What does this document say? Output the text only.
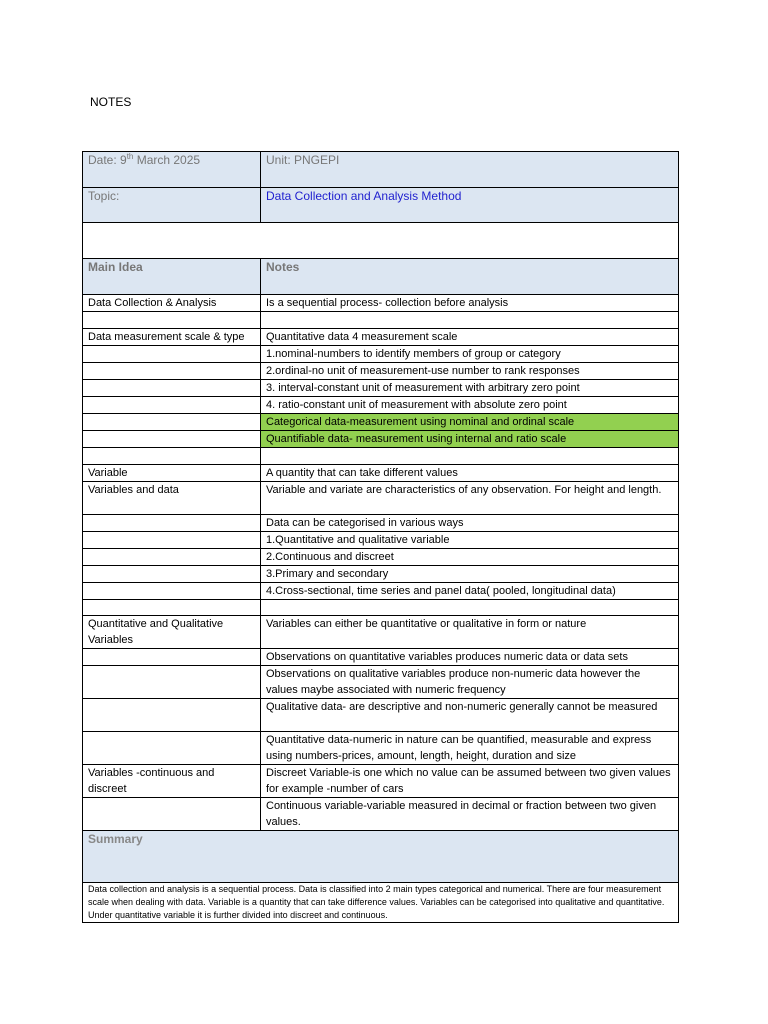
NOTES
Date: 9th March 2025	Unit: PNGEPI
Topic:	Data Collection and Analysis Method

Main Idea	Notes
Data Collection & Analysis	Is a sequential process- collection before analysis

Data measurement scale & type	Quantitative data 4 measurement scale
	1.nominal-numbers to identify members of group or category
	2.ordinal-no unit of measurement-use number to rank responses
	3. interval-constant unit of measurement with arbitrary zero point
	4. ratio-constant unit of measurement with absolute zero point
	Categorical data-measurement using nominal and ordinal scale
	Quantifiable data- measurement using internal and ratio scale

Variable	A quantity that can take different values
Variables and data	Variable and variate are characteristics of any observation. For height and length.
	Data can be categorised in various ways
	1.Quantitative and qualitative variable
	2.Continuous and discreet
	3.Primary and secondary
	4.Cross-sectional, time series and panel data( pooled, longitudinal data)

Quantitative and Qualitative Variables	Variables can either be quantitative or qualitative in form or nature
	Observations on quantitative variables produces numeric data or data sets
	Observations on qualitative variables produce non-numeric data however the values maybe associated with numeric frequency
	Qualitative data- are descriptive and non-numeric generally cannot be measured
	Quantitative data-numeric in nature can be quantified, measurable and express using numbers-prices, amount, length, height, duration and size
Variables -continuous and discreet	Discreet Variable-is one which no value can be assumed between two given values for example -number of cars
	Continuous variable-variable measured in decimal or fraction between two given values.
Summary	
Data collection and analysis is a sequential process. Data is classified into 2 main types categorical and numerical. There are four measurement scale when dealing with data. Variable is a quantity that can take difference values. Variables can be categorised into qualitative and quantitative. Under quantitative variable it is further divided into discreet and continuous.	
